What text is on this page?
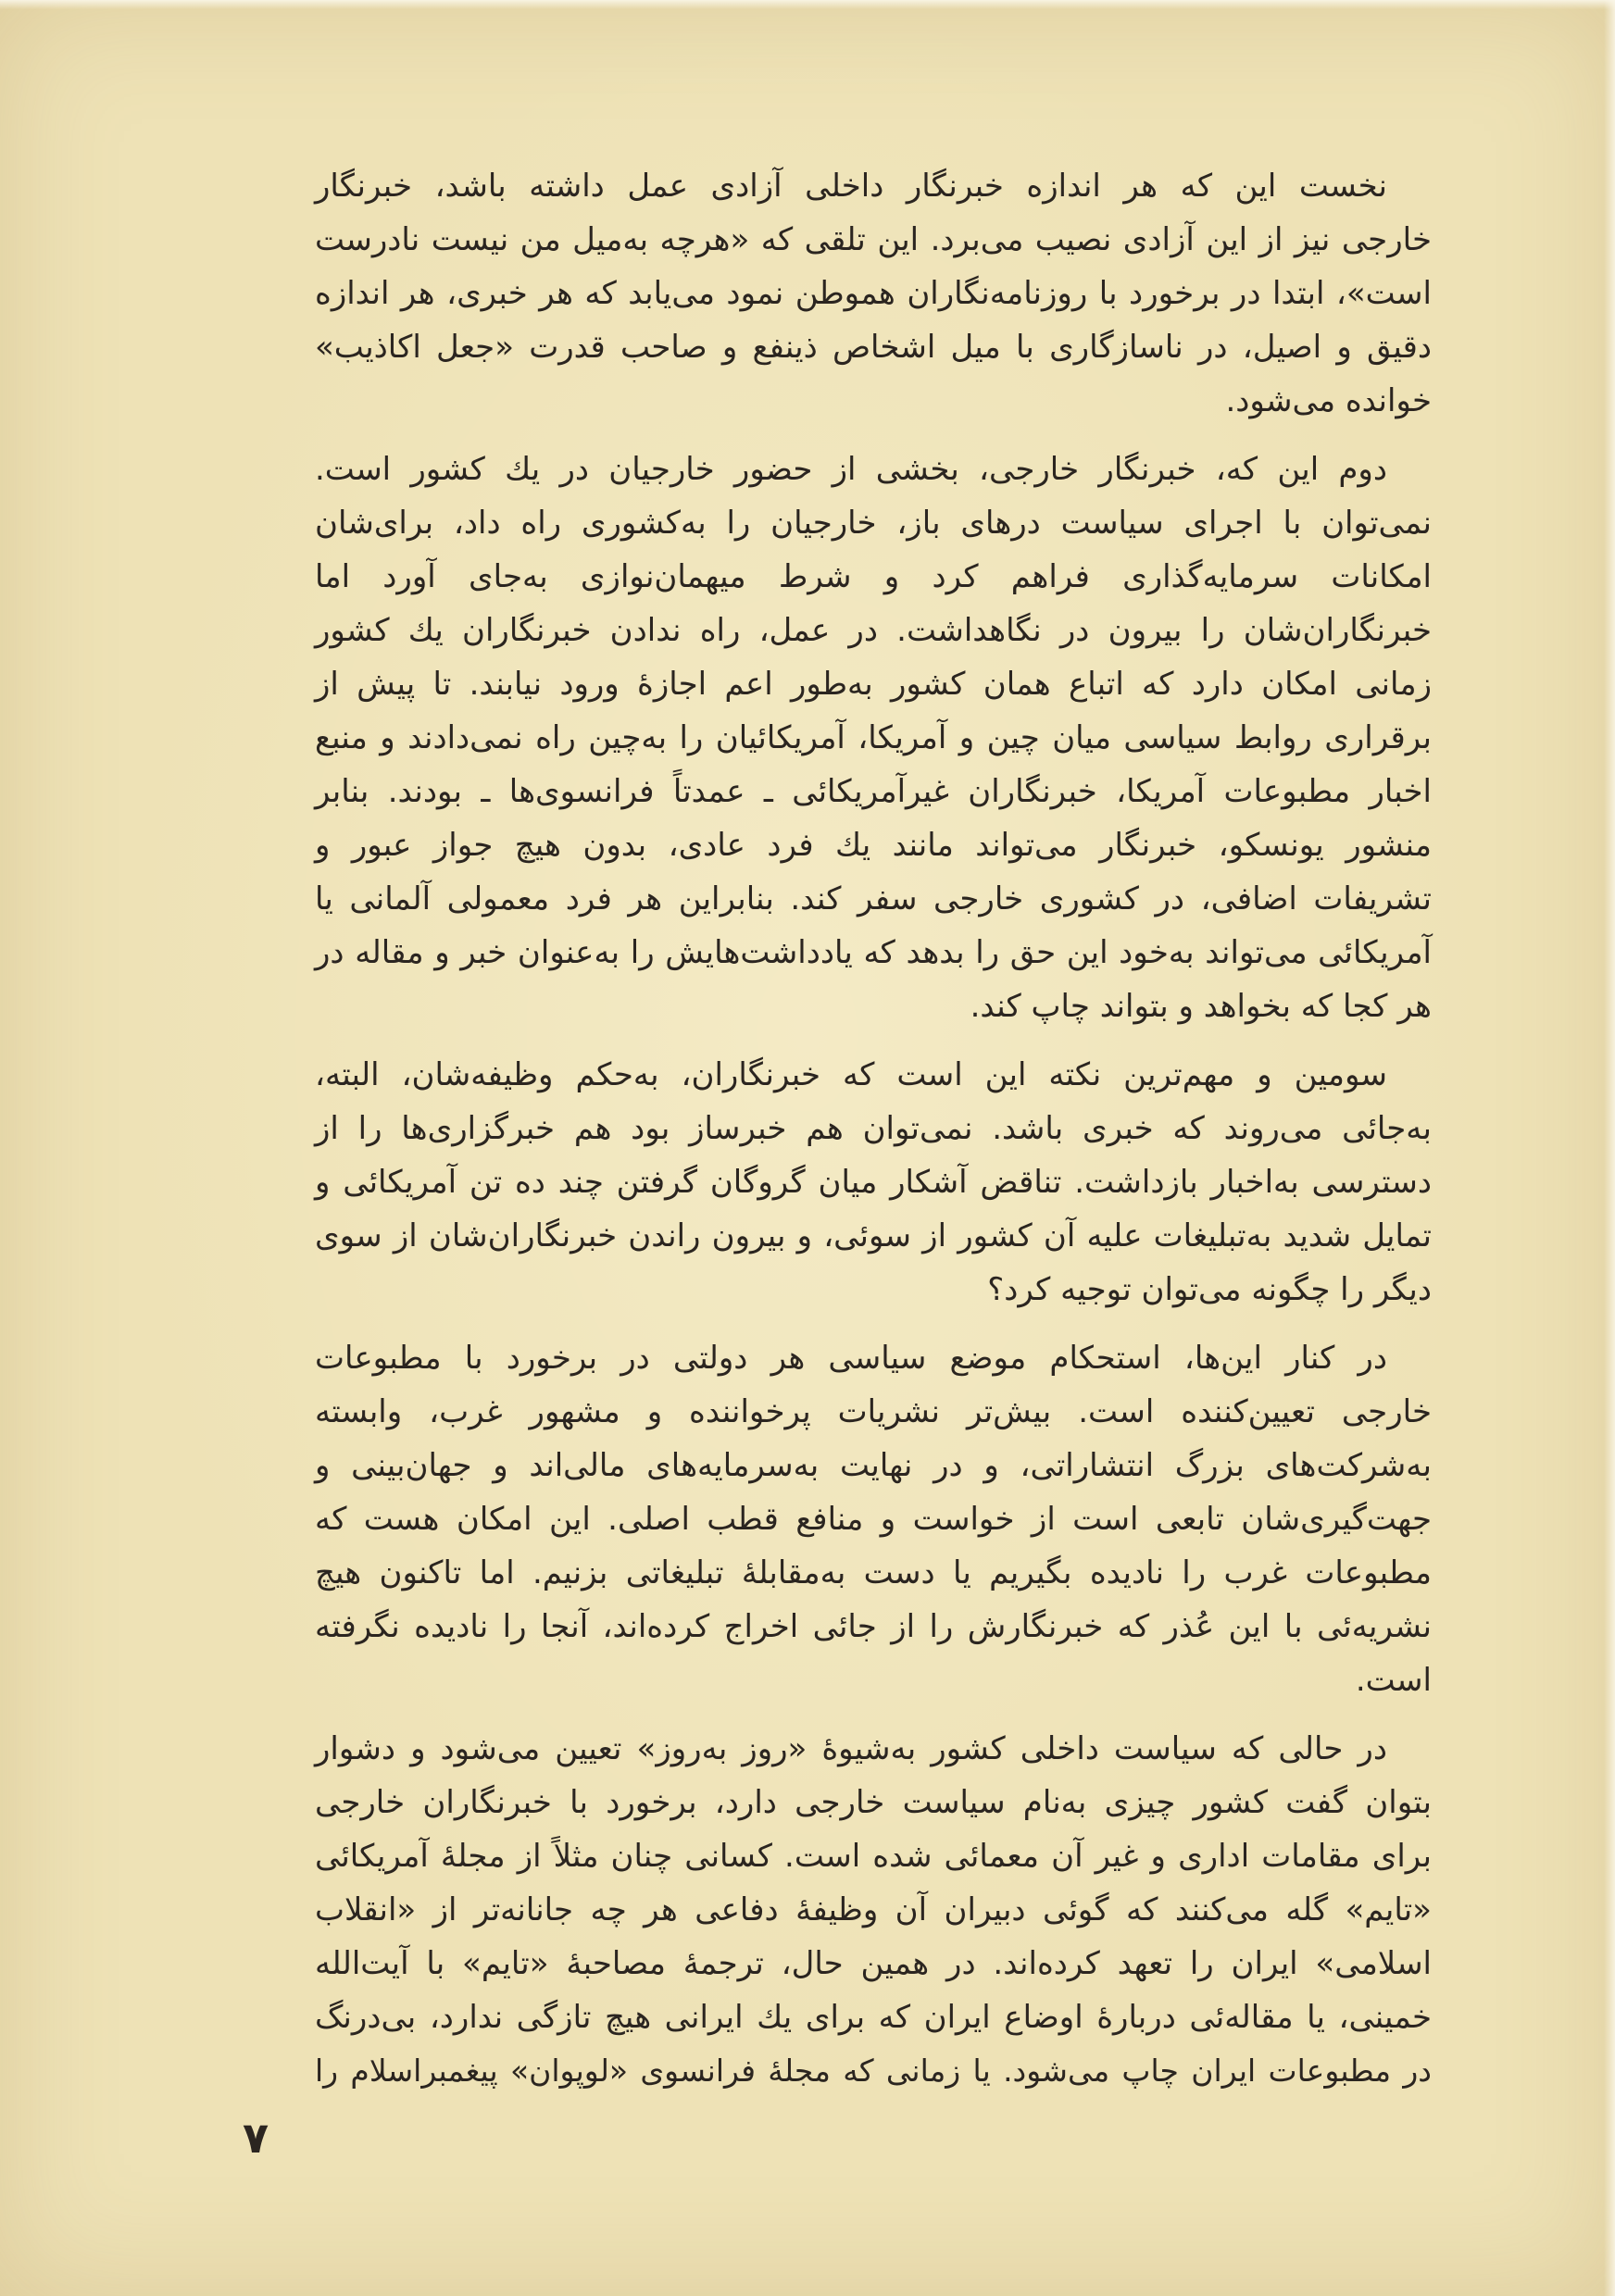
نخست این که هر اندازه خبرنگار داخلی آزادی عمل داشته باشد، خبرنگار
خارجی نیز از این آزادی نصیب می‌برد. این تلقی که «هرچه به‌میل من نیست نادرست
است»، ابتدا در برخورد با روزنامه‌نگاران هموطن نمود می‌یابد که هر خبری، هر اندازه
دقیق و اصیل، در ناسازگاری با میل اشخاص ذینفع و صاحب قدرت «جعل اکاذیب»
خوانده می‌شود.
دوم این که، خبرنگار خارجی، بخشی از حضور خارجیان در یك کشور است.
نمی‌توان با اجرای سیاست درهای باز، خارجیان را به‌کشوری راه داد، برای‌شان
امکانات سرمایه‌گذاری فراهم کرد و شرط میهمان‌نوازی به‌جای آورد اما
خبرنگاران‌شان را بیرون در نگاهداشت. در عمل، راه ندادن خبرنگاران یك کشور
زمانی امکان دارد که اتباع همان کشور به‌طور اعم اجازهٔ ورود نیابند. تا پیش از
برقراری روابط سیاسی میان چین و آمریکا، آمریکائیان را به‌چین راه نمی‌دادند و منبع
اخبار مطبوعات آمریکا، خبرنگاران غیرآمریکائی ـ عمدتاً فرانسوی‌ها ـ بودند. بنابر
منشور یونسکو، خبرنگار می‌تواند مانند یك فرد عادی، بدون هیچ جواز عبور و
تشریفات اضافی، در کشوری خارجی سفر کند. بنابراین هر فرد معمولی آلمانی یا
آمریکائی می‌تواند به‌خود این حق را بدهد که یادداشت‌هایش را به‌عنوان خبر و مقاله در
هر کجا که بخواهد و بتواند چاپ کند.
سومین و مهم‌ترین نکته این است که خبرنگاران، به‌حکم وظیفه‌شان، البته،
به‌جائی می‌روند که خبری باشد. نمی‌توان هم خبرساز بود هم خبرگزاری‌ها را از
دسترسی به‌اخبار بازداشت. تناقض آشکار میان گروگان گرفتن چند ده تن آمریکائی و
تمایل شدید به‌تبلیغات علیه آن کشور از سوئی، و بیرون راندن خبرنگاران‌شان از سوی
دیگر را چگونه می‌توان توجیه کرد؟
در کنار این‌ها، استحکام موضع سیاسی هر دولتی در برخورد با مطبوعات
خارجی تعیین‌کننده است. بیش‌تر نشریات پرخواننده و مشهور غرب، وابسته
به‌شرکت‌های بزرگ انتشاراتی، و در نهایت به‌سرمایه‌های مالی‌اند و جهان‌بینی و
جهت‌گیری‌شان تابعی است از خواست و منافع قطب اصلی. این امکان هست که
مطبوعات غرب را نادیده بگیریم یا دست به‌مقابلهٔ تبلیغاتی بزنیم. اما تاکنون هیچ
نشریه‌ئی با این عُذر که خبرنگارش را از جائی اخراج کرده‌اند، آنجا را نادیده نگرفته
است.
در حالی که سیاست داخلی کشور به‌شیوهٔ «روز به‌روز» تعیین می‌شود و دشوار
بتوان گفت کشور چیزی به‌نام سیاست خارجی دارد، برخورد با خبرنگاران خارجی
برای مقامات اداری و غیر آن معمائی شده است. کسانی چنان مثلاً از مجلهٔ آمریکائی
«تایم» گله می‌کنند که گوئی دبیران آن وظیفهٔ دفاعی هر چه جانانه‌تر از «انقلاب
اسلامی» ایران را تعهد کرده‌اند. در همین حال، ترجمهٔ مصاحبهٔ «تایم» با آیت‌الله
خمینی، یا مقاله‌ئی دربارهٔ اوضاع ایران که برای یك ایرانی هیچ تازگی ندارد، بی‌درنگ
در مطبوعات ایران چاپ می‌شود. یا زمانی که مجلهٔ فرانسوی «لوپوان» پیغمبراسلام را
۷
